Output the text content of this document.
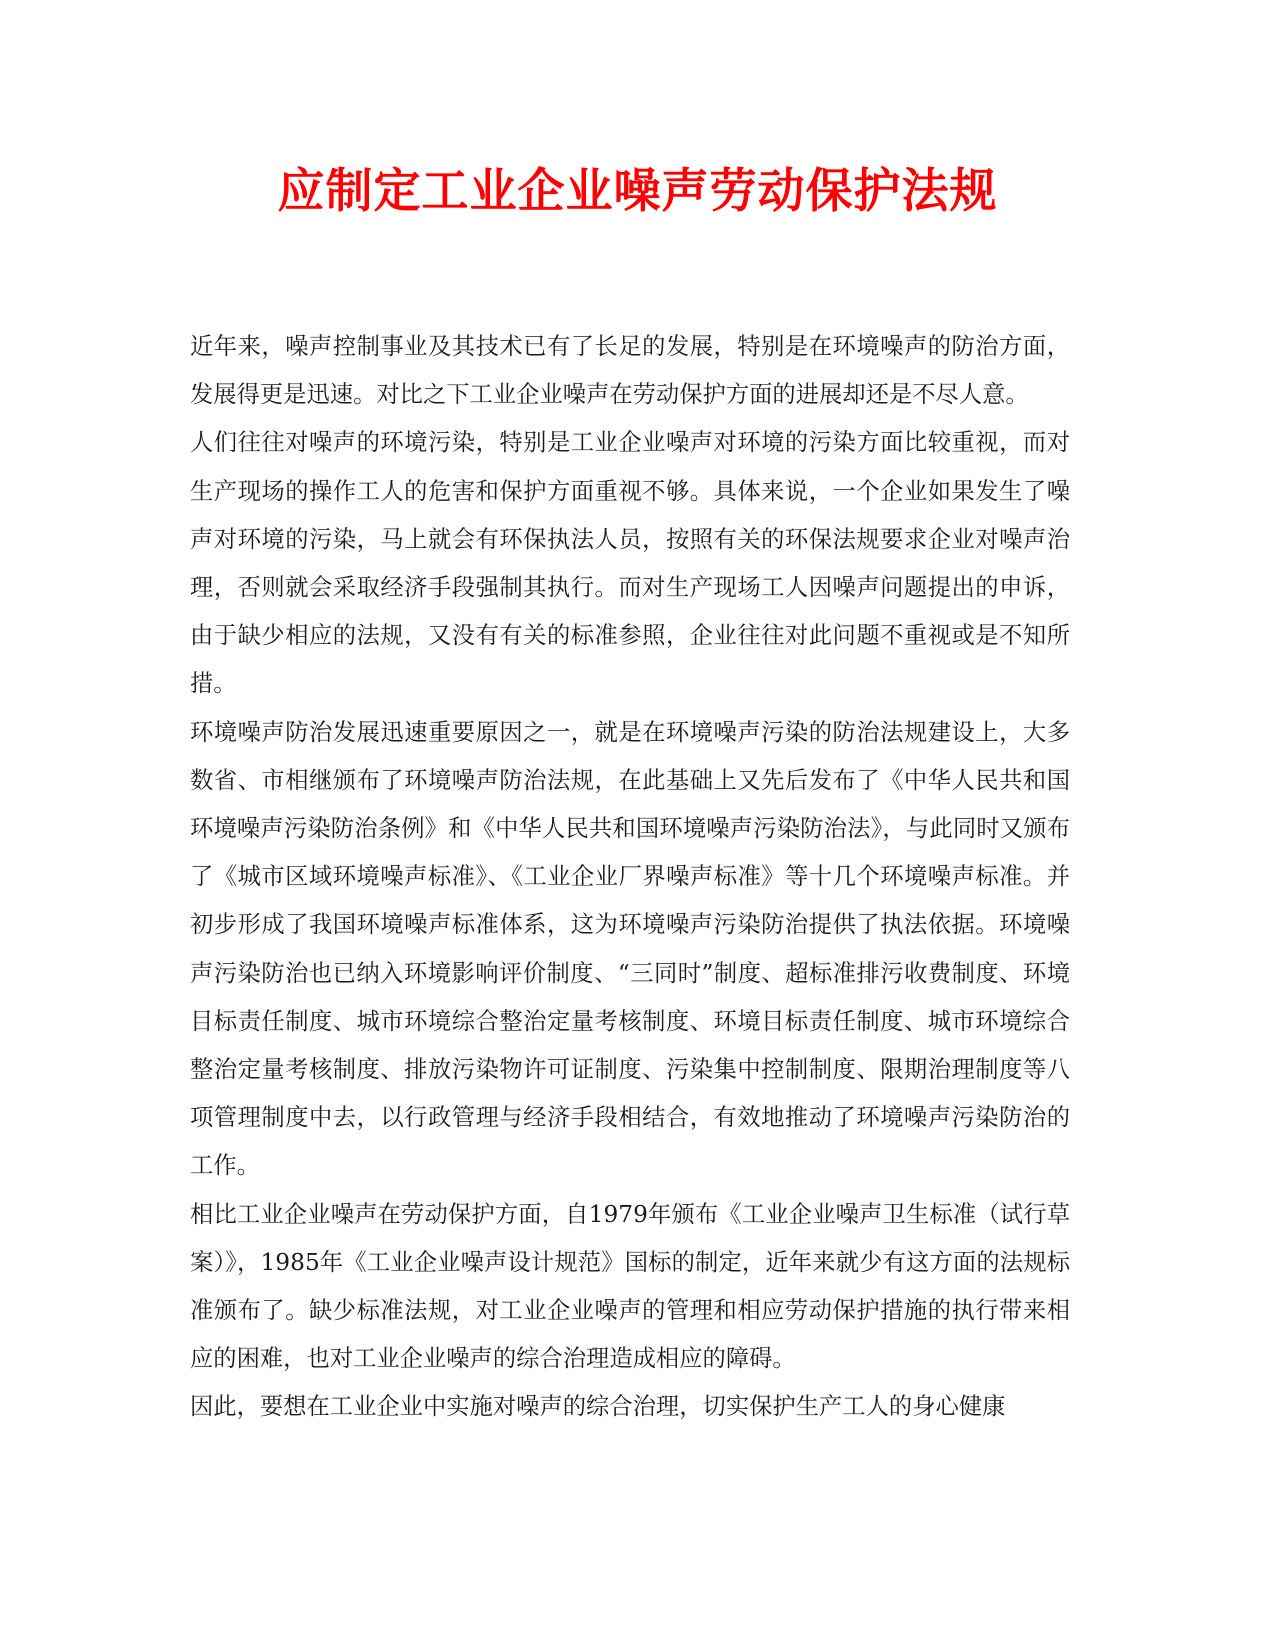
应制定工业企业噪声劳动保护法规

近年来，噪声控制事业及其技术已有了长足的发展，特别是在环境噪声的防治方面，发展得更是迅速。对比之下工业企业噪声在劳动保护方面的进展却还是不尽人意。

人们往往对噪声的环境污染，特别是工业企业噪声对环境的污染方面比较重视，而对生产现场的操作工人的危害和保护方面重视不够。具体来说，一个企业如果发生了噪声对环境的污染，马上就会有环保执法人员，按照有关的环保法规要求企业对噪声治理，否则就会采取经济手段强制其执行。而对生产现场工人因噪声问题提出的申诉，由于缺少相应的法规，又没有有关的标准参照，企业往往对此问题不重视或是不知所措。

环境噪声防治发展迅速重要原因之一，就是在环境噪声污染的防治法规建设上，大多数省、市相继颁布了环境噪声防治法规，在此基础上又先后发布了《中华人民共和国环境噪声污染防治条例》和《中华人民共和国环境噪声污染防治法》，与此同时又颁布了《城市区域环境噪声标准》、《工业企业厂界噪声标准》等十几个环境噪声标准。并初步形成了我国环境噪声标准体系，这为环境噪声污染防治提供了执法依据。环境噪声污染防治也已纳入环境影响评价制度、“三同时”制度、超标准排污收费制度、环境目标责任制度、城市环境综合整治定量考核制度、环境目标责任制度、城市环境综合整治定量考核制度、排放污染物许可证制度、污染集中控制制度、限期治理制度等八项管理制度中去，以行政管理与经济手段相结合，有效地推动了环境噪声污染防治的工作。

相比工业企业噪声在劳动保护方面，自1979年颁布《工业企业噪声卫生标准（试行草案）》，1985年《工业企业噪声设计规范》国标的制定，近年来就少有这方面的法规标准颁布了。缺少标准法规，对工业企业噪声的管理和相应劳动保护措施的执行带来相应的困难，也对工业企业噪声的综合治理造成相应的障碍。

因此，要想在工业企业中实施对噪声的综合治理，切实保护生产工人的身心健康
